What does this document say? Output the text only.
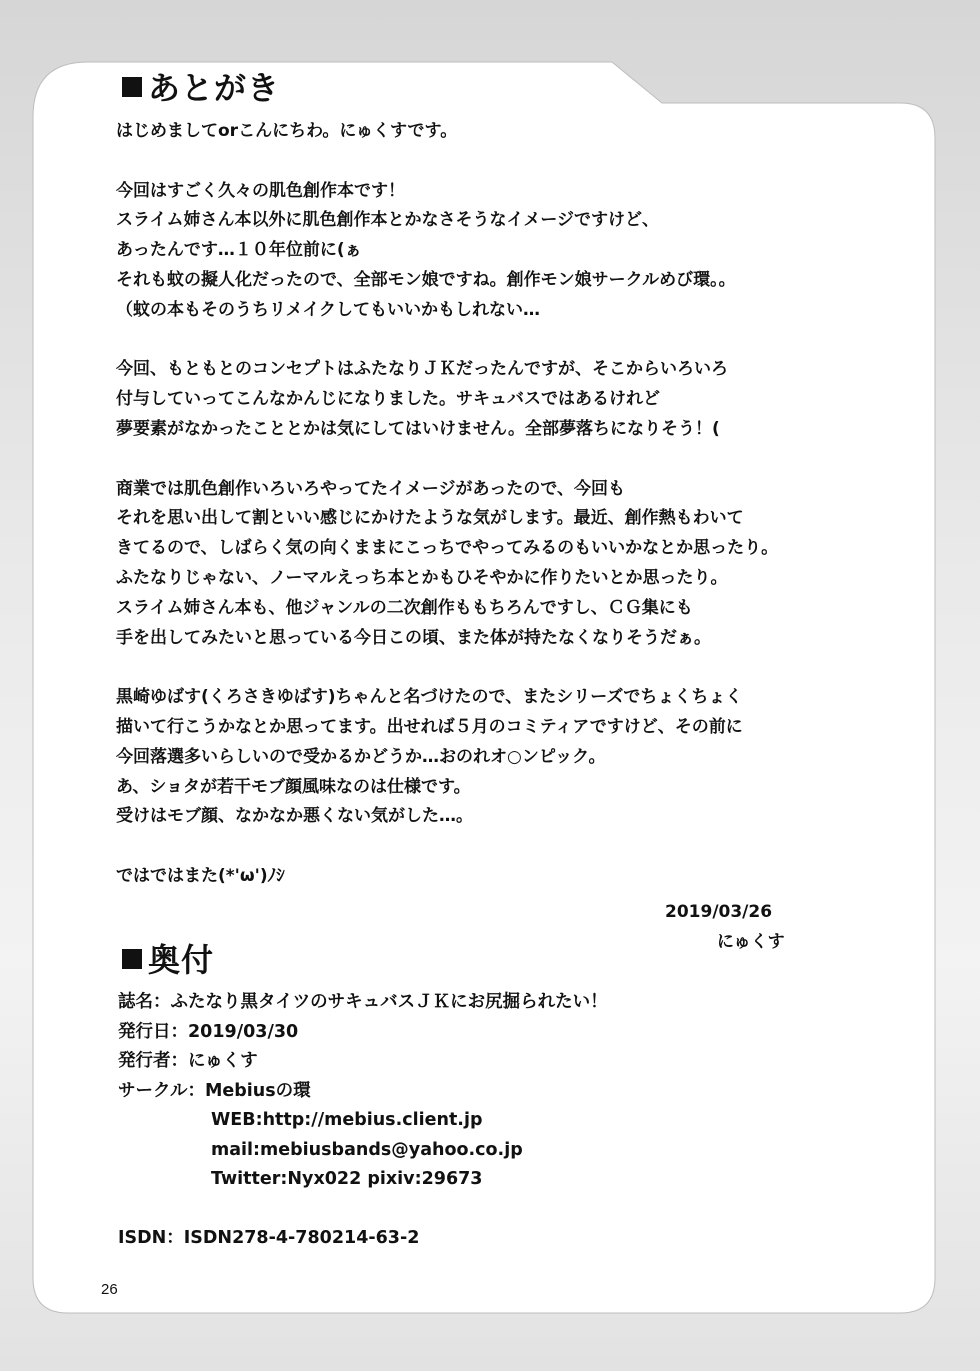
あとがき
はじめましてorこんにちわ。にゅくすです。
今回はすごく久々の肌色創作本です！
スライム姉さん本以外に肌色創作本とかなさそうなイメージですけど、
あったんです…１０年位前に(ぁ
それも蚊の擬人化だったので、全部モン娘ですね。創作モン娘サークルめび環。。
（蚊の本もそのうちリメイクしてもいいかもしれない…
今回、もともとのコンセプトはふたなりＪＫだったんですが、そこからいろいろ
付与していってこんなかんじになりました。サキュバスではあるけれど
夢要素がなかったこととかは気にしてはいけません。全部夢落ちになりそう！(
商業では肌色創作いろいろやってたイメージがあったので、今回も
それを思い出して割といい感じにかけたような気がします。最近、創作熱もわいて
きてるので、しばらく気の向くままにこっちでやってみるのもいいかなとか思ったり。
ふたなりじゃない、ノーマルえっち本とかもひそやかに作りたいとか思ったり。
スライム姉さん本も、他ジャンルの二次創作ももちろんですし、ＣＧ集にも
手を出してみたいと思っている今日この頃、また体が持たなくなりそうだぁ。
黒崎ゆばす(くろさきゆばす)ちゃんと名づけたので、またシリーズでちょくちょく
描いて行こうかなとか思ってます。出せれば５月のコミティアですけど、その前に
今回落選多いらしいので受かるかどうか…おのれオ○ンピック。
あ、ショタが若干モブ顔風味なのは仕様です。
受けはモブ顔、なかなか悪くない気がした…。
ではではまた(*'ω')ﾉｼ
2019/03/26
にゅくす
奥付
誌名：ふたなり黒タイツのサキュバスＪＫにお尻掘られたい！
発行日：2019/03/30
発行者：にゅくす
サークル：Mebiusの環
WEB:http://mebius.client.jp
mail:mebiusbands@yahoo.co.jp
Twitter:Nyx022 pixiv:29673
ISDN：ISDN278-4-780214-63-2
26
